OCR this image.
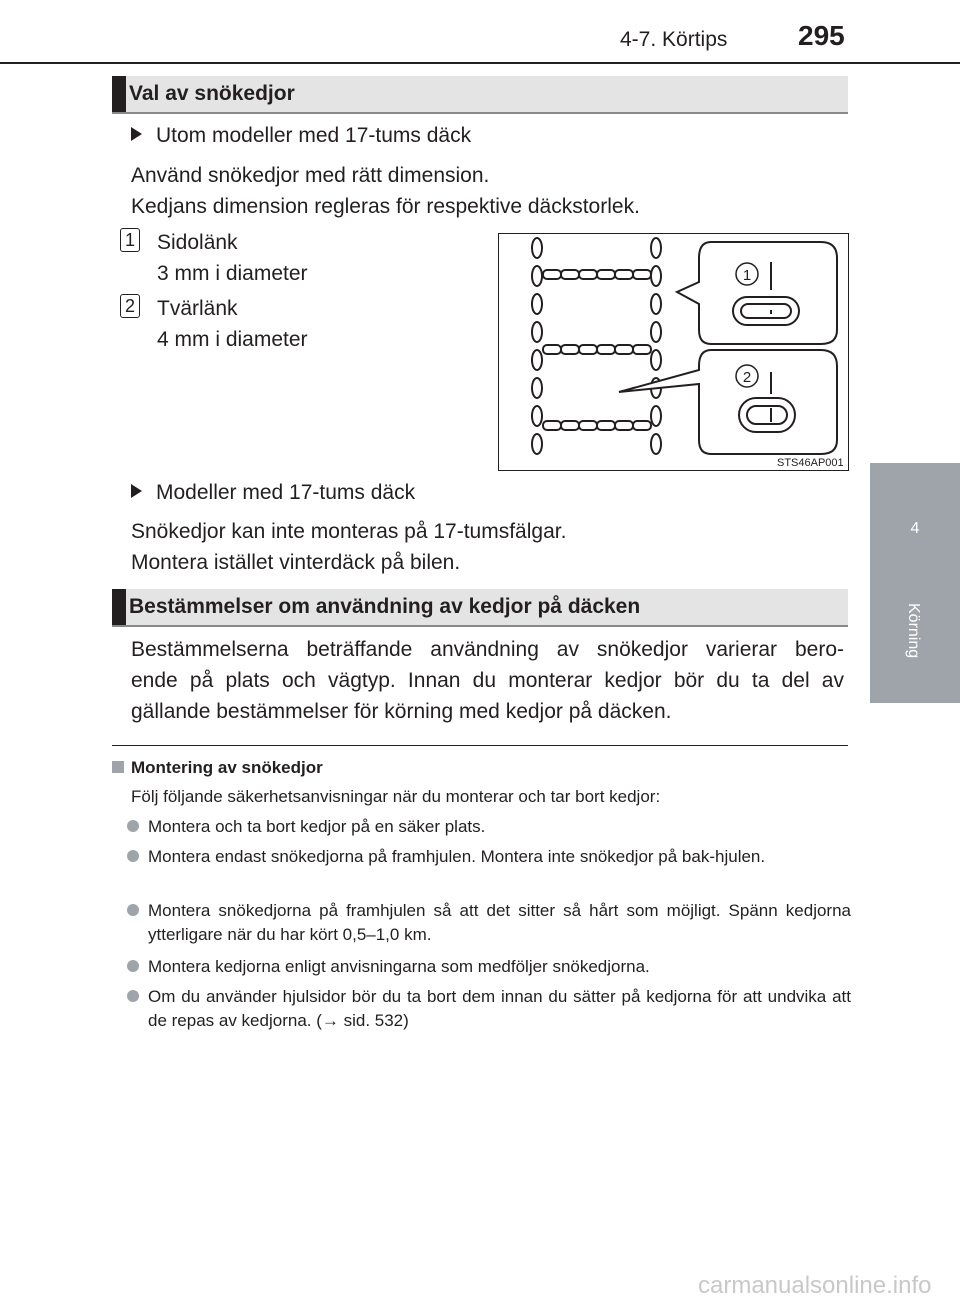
4-7. Körtips	295
4
Körning
Val av snökedjor
Utom modeller med 17-tums däck
Använd snökedjor med rätt dimension.
Kedjans dimension regleras för respektive däckstorlek.
1 Sidolänk
3 mm i diameter
2 Tvärlänk
4 mm i diameter
1
2
STS46AP001
Modeller med 17-tums däck
Snökedjor kan inte monteras på 17-tumsfälgar.
Montera istället vinterdäck på bilen.
Bestämmelser om användning av kedjor på däcken
Bestämmelserna beträffande användning av snökedjor varierar bero-
ende på plats och vägtyp. Innan du monterar kedjor bör du ta del av
gällande bestämmelser för körning med kedjor på däcken.
Montering av snökedjor
Följ följande säkerhetsanvisningar när du monterar och tar bort kedjor:
Montera och ta bort kedjor på en säker plats.
Montera endast snökedjorna på framhjulen. Montera inte snökedjor på bak-hjulen.
Montera snökedjorna på framhjulen så att det sitter så hårt som möjligt. Spänn kedjorna ytterligare när du har kört 0,5–1,0 km.
Montera kedjorna enligt anvisningarna som medföljer snökedjorna.
Om du använder hjulsidor bör du ta bort dem innan du sätter på kedjorna för att undvika att de repas av kedjorna. (→ sid. 532)
carmanualsonline.info
